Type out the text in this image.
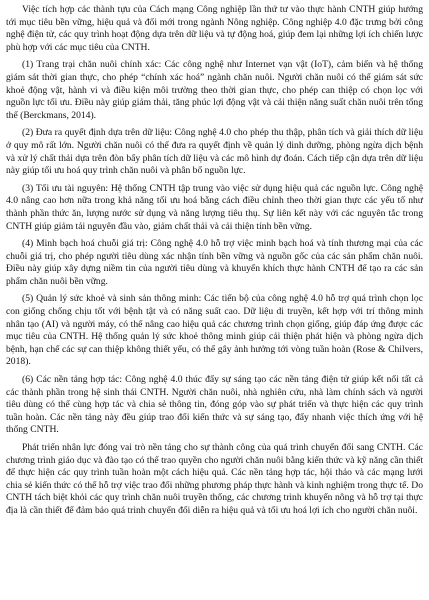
Việc tích hợp các thành tựu của Cách mạng Công nghiệp lần thứ tư vào thực hành CNTH giúp hướng tới mục tiêu bền vững, hiệu quả và đổi mới trong ngành Nông nghiệp. Công nghiệp 4.0 đặc trưng bởi công nghệ điện tử, các quy trình hoạt động dựa trên dữ liệu và tự động hoá, giúp đem lại những lợi ích chiến lược phù hợp với các mục tiêu của CNTH.

(1) Trang trại chăn nuôi chính xác: Các công nghệ như Internet vạn vật (IoT), cảm biến và hệ thống giám sát thời gian thực, cho phép “chính xác hoá” ngành chăn nuôi. Người chăn nuôi có thể giám sát sức khoẻ động vật, hành vi và điều kiện môi trường theo thời gian thực, cho phép can thiệp có chọn lọc với nguồn lực tối ưu. Điều này giúp giảm thải, tăng phúc lợi động vật và cải thiện năng suất chăn nuôi trên tổng thể (Berckmans, 2014).

(2) Đưa ra quyết định dựa trên dữ liệu: Công nghệ 4.0 cho phép thu thập, phân tích và giải thích dữ liệu ở quy mô rất lớn. Người chăn nuôi có thể đưa ra quyết định về quản lý dinh dưỡng, phòng ngừa dịch bệnh và xử lý chất thải dựa trên đòn bẩy phân tích dữ liệu và các mô hình dự đoán. Cách tiếp cận dựa trên dữ liệu này giúp tối ưu hoá quy trình chăn nuôi và phân bổ nguồn lực.

(3) Tối ưu tài nguyên: Hệ thống CNTH tập trung vào việc sử dụng hiệu quả các nguồn lực. Công nghệ 4.0 nâng cao hơn nữa trong khả năng tối ưu hoá bằng cách điều chỉnh theo thời gian thực các yếu tố như thành phần thức ăn, lượng nước sử dụng và năng lượng tiêu thụ. Sự liên kết này với các nguyên tắc trong CNTH giúp giảm tải nguyên đầu vào, giảm chất thải và cải thiện tính bền vững.

(4) Minh bạch hoá chuỗi giá trị: Công nghệ 4.0 hỗ trợ việc minh bạch hoá và tính thương mại của các chuỗi giá trị, cho phép người tiêu dùng xác nhận tính bền vững và nguồn gốc của các sản phẩm chăn nuôi. Điều này giúp xây dựng niềm tin của người tiêu dùng và khuyến khích thực hành CNTH để tạo ra các sản phẩm chăn nuôi bền vững.

(5) Quản lý sức khoẻ và sinh sản thông minh: Các tiến bộ của công nghệ 4.0 hỗ trợ quá trình chọn lọc con giống chống chịu tốt với bệnh tật và có năng suất cao. Dữ liệu di truyền, kết hợp với trí thông minh nhân tạo (AI) và người máy, có thể nâng cao hiệu quả các chương trình chọn giống, giúp đáp ứng được các mục tiêu của CNTH. Hệ thống quản lý sức khoẻ thông minh giúp cải thiện phát hiện và phòng ngừa dịch bệnh, hạn chế các sự can thiệp không thiết yếu, có thể gây ảnh hưởng tới vòng tuần hoàn (Rose & Chilvers, 2018).

(6) Các nền tảng hợp tác: Công nghệ 4.0 thúc đẩy sự sáng tạo các nền tảng điện tử giúp kết nối tất cả các thành phần trong hệ sinh thái CNTH. Người chăn nuôi, nhà nghiên cứu, nhà làm chính sách và người tiêu dùng có thể cùng hợp tác và chia sẻ thông tin, đóng góp vào sự phát triển và thực hiện các quy trình tuần hoàn. Các nền tảng này đều giúp trao đổi kiến thức và sự sáng tạo, đẩy nhanh việc thích ứng với hệ thống CNTH.

Phát triển nhân lực đóng vai trò nền tảng cho sự thành công của quá trình chuyển đổi sang CNTH. Các chương trình giáo dục và đào tạo có thể trao quyền cho người chăn nuôi bằng kiến thức và kỹ năng cần thiết để thực hiện các quy trình tuần hoàn một cách hiệu quả. Các nền tảng hợp tác, hội thảo và các mạng lưới chia sẻ kiến thức có thể hỗ trợ việc trao đổi những phương pháp thực hành và kinh nghiệm trong thực tế. Do CNTH tách biệt khỏi các quy trình chăn nuôi truyền thống, các chương trình khuyến nông và hỗ trợ tại thực địa là cần thiết để đảm bảo quá trình chuyển đổi diễn ra hiệu quả và tối ưu hoá lợi ích cho người chăn nuôi.
